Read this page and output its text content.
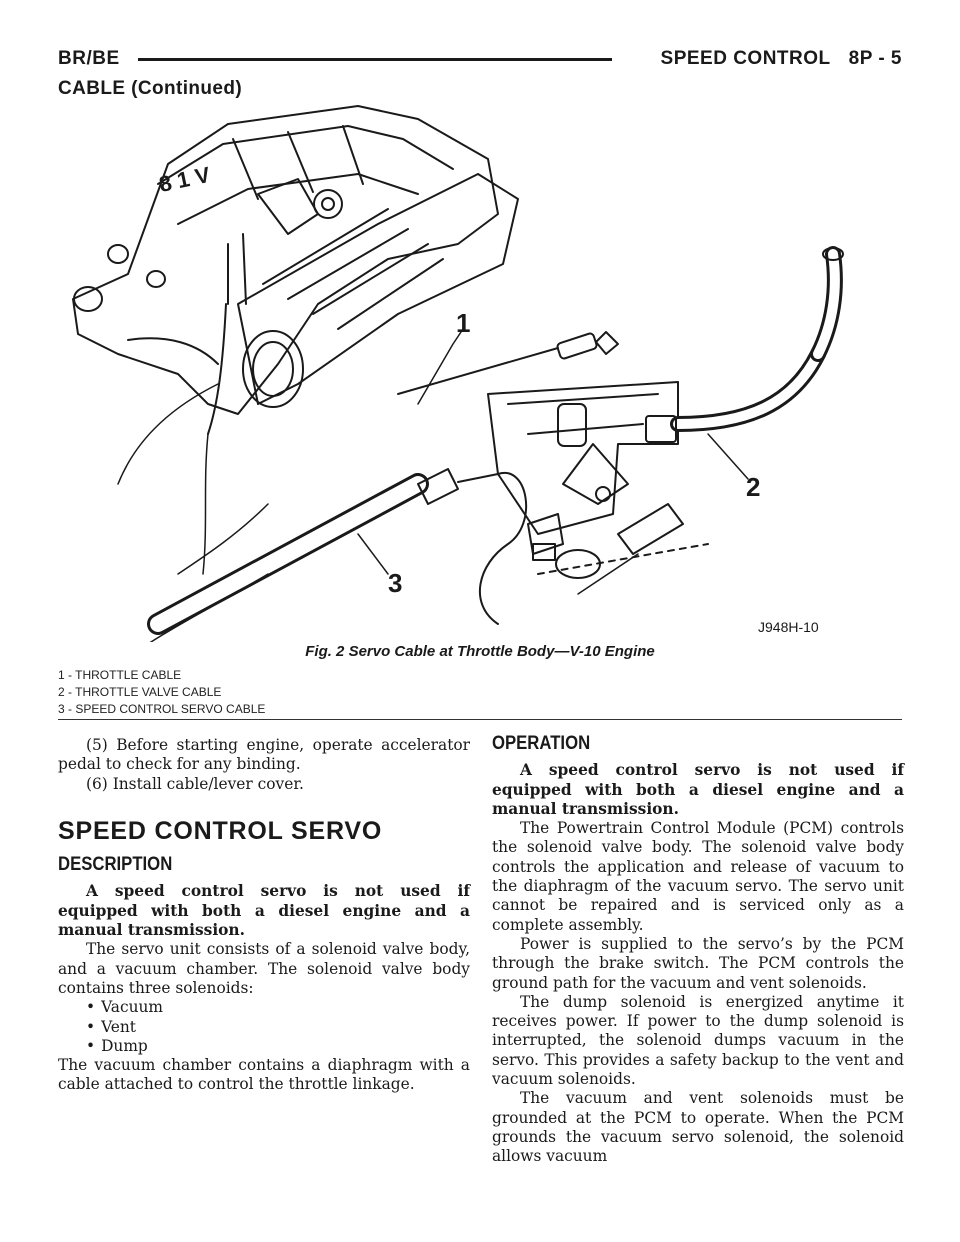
BR/BE	SPEED CONTROL 8P - 5
CABLE (Continued)
8 1 V
1
2
3
J948H-10
Fig. 2 Servo Cable at Throttle Body—V-10 Engine
1 - THROTTLE CABLE
2 - THROTTLE VALVE CABLE
3 - SPEED CONTROL SERVO CABLE

(5) Before starting engine, operate accelerator pedal to check for any binding.

(6) Install cable/lever cover.

SPEED CONTROL SERVO
DESCRIPTION

A speed control servo is not used if equipped with both a diesel engine and a manual transmission.

The servo unit consists of a solenoid valve body, and a vacuum chamber. The solenoid valve body contains three solenoids:

• Vacuum
• Vent
• Dump

The vacuum chamber contains a diaphragm with a cable attached to control the throttle linkage.

OPERATION

A speed control servo is not used if equipped with both a diesel engine and a manual transmission.

The Powertrain Control Module (PCM) controls the solenoid valve body. The solenoid valve body controls the application and release of vacuum to the diaphragm of the vacuum servo. The servo unit cannot be repaired and is serviced only as a complete assembly.

Power is supplied to the servo’s by the PCM through the brake switch. The PCM controls the ground path for the vacuum and vent solenoids.

The dump solenoid is energized anytime it receives power. If power to the dump solenoid is interrupted, the solenoid dumps vacuum in the servo. This provides a safety backup to the vent and vacuum solenoids.

The vacuum and vent solenoids must be grounded at the PCM to operate. When the PCM grounds the vacuum servo solenoid, the solenoid allows vacuum
